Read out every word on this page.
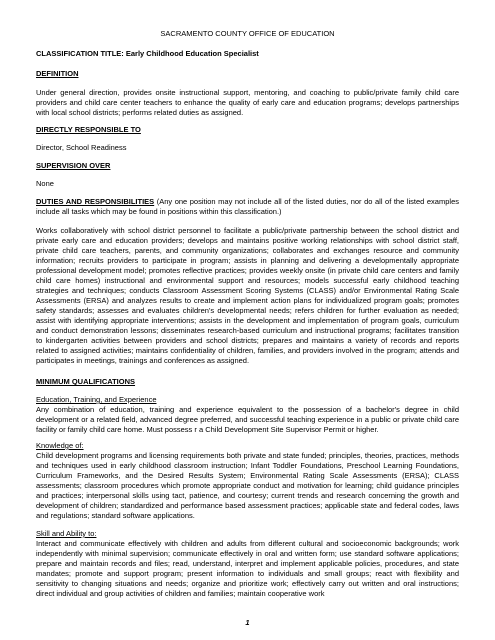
SACRAMENTO COUNTY OFFICE OF EDUCATION

CLASSIFICATION TITLE: Early Childhood Education Specialist

DEFINITION

Under general direction, provides onsite instructional support, mentoring, and coaching to public/private family child care providers and child care center teachers to enhance the quality of early care and education programs; develops partnerships with local school districts; performs related duties as assigned.

DIRECTLY RESPONSIBLE TO

Director, School Readiness

SUPERVISION OVER

None

DUTIES AND RESPONSIBILITIES (Any one position may not include all of the listed duties, nor do all of the listed examples include all tasks which may be found in positions within this classification.)

Works collaboratively with school district personnel to facilitate a public/private partnership between the school district and private early care and education providers; develops and maintains positive working relationships with school district staff, private child care teachers, parents, and community organizations; collaborates and exchanges resource and community information; recruits providers to participate in program; assists in planning and delivering a developmentally appropriate professional development model; promotes reflective practices; provides weekly onsite (in private child care centers and family child care homes) instructional and environmental support and resources; models successful early childhood teaching strategies and techniques; conducts Classroom Assessment Scoring Systems (CLASS) and/or Environmental Rating Scale Assessments (ERSA) and analyzes results to create and implement action plans for individualized program goals; promotes safety standards; assesses and evaluates children's developmental needs; refers children for further evaluation as needed; assist with identifying appropriate interventions; assists in the development and implementation of program goals, curriculum and conduct demonstration lessons; disseminates research-based curriculum and instructional programs; facilitates transition to kindergarten activities between providers and school districts; prepares and maintains a variety of records and reports related to assigned activities; maintains confidentiality of children, families, and providers involved in the program; attends and participates in meetings, trainings and conferences as assigned.

MINIMUM QUALIFICATIONS

Education, Training, and Experience

Any combination of education, training and experience equivalent to the possession of a bachelor's degree in child development or a related field, advanced degree preferred, and successful teaching experience in a public or private child care facility or family child care home. Must possess r a Child Development Site Supervisor Permit or higher.

Knowledge of:

Child development programs and licensing requirements both private and state funded; principles, theories, practices, methods and techniques used in early childhood classroom instruction; Infant Toddler Foundations, Preschool Learning Foundations, Curriculum Frameworks, and the Desired Results System; Environmental Rating Scale Assessments (ERSA); CLASS assessments; classroom procedures which promote appropriate conduct and motivation for learning; child guidance principles and practices; interpersonal skills using tact, patience, and courtesy; current trends and research concerning the growth and development of children; standardized and performance based assessment practices; applicable state and federal codes, laws and regulations; standard software applications.

Skill and Ability to:

Interact and communicate effectively with children and adults from different cultural and socioeconomic backgrounds; work independently with minimal supervision; communicate effectively in oral and written form; use standard software applications; prepare and maintain records and files; read, understand, interpret and implement applicable policies, procedures, and state mandates; promote and support program; present information to individuals and small groups; react with flexibility and sensitivity to changing situations and needs; organize and prioritize work; effectively carry out written and oral instructions; direct individual and group activities of children and families; maintain cooperative work

1
